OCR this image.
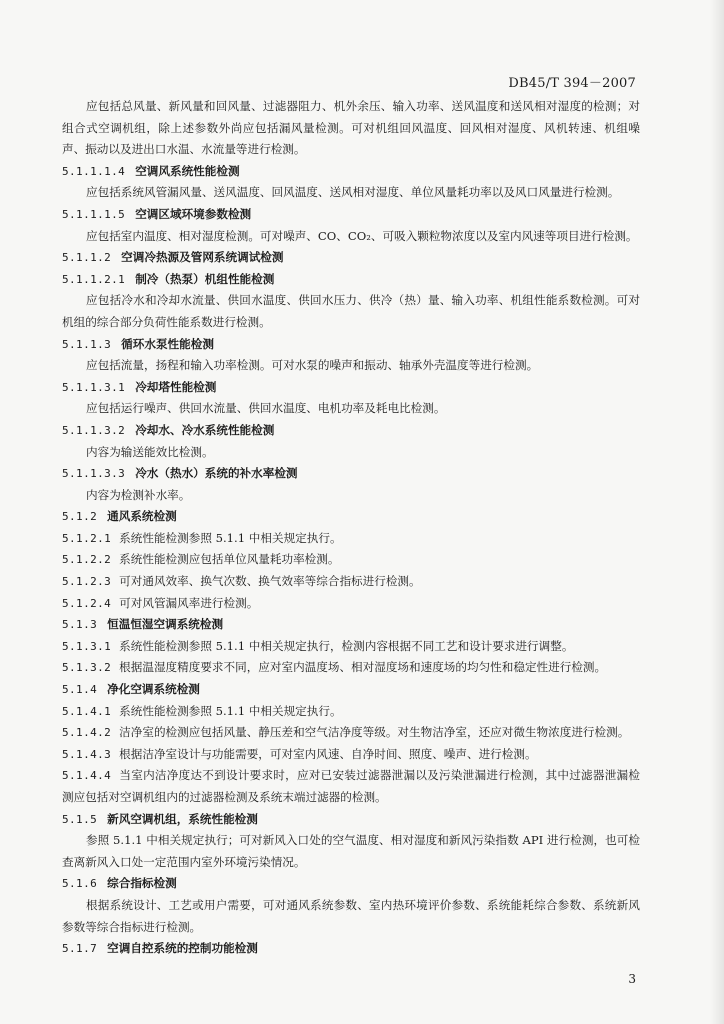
DB45/T 394－2007

应包括总风量、新风量和回风量、过滤器阻力、机外余压、输入功率、送风温度和送风相对湿度的检测；对组合式空调机组，除上述参数外尚应包括漏风量检测。可对机组回风温度、回风相对湿度、风机转速、机组噪声、振动以及进出口水温、水流量等进行检测。

5.1.1.1.4 空调风系统性能检测

应包括系统风管漏风量、送风温度、回风温度、送风相对湿度、单位风量耗功率以及风口风量进行检测。

5.1.1.1.5 空调区域环境参数检测

应包括室内温度、相对湿度检测。可对噪声、CO、CO₂、可吸入颗粒物浓度以及室内风速等项目进行检测。

5.1.1.2 空调冷热源及管网系统调试检测

5.1.1.2.1 制冷（热泵）机组性能检测

应包括冷水和冷却水流量、供回水温度、供回水压力、供冷（热）量、输入功率、机组性能系数检测。可对机组的综合部分负荷性能系数进行检测。

5.1.1.3 循环水泵性能检测

应包括流量，扬程和输入功率检测。可对水泵的噪声和振动、轴承外壳温度等进行检测。

5.1.1.3.1 冷却塔性能检测

应包括运行噪声、供回水流量、供回水温度、电机功率及耗电比检测。

5.1.1.3.2 冷却水、冷水系统性能检测

内容为输送能效比检测。

5.1.1.3.3 冷水（热水）系统的补水率检测

内容为检测补水率。

5.1.2 通风系统检测

5.1.2.1 系统性能检测参照 5.1.1 中相关规定执行。

5.1.2.2 系统性能检测应包括单位风量耗功率检测。

5.1.2.3 可对通风效率、换气次数、换气效率等综合指标进行检测。

5.1.2.4 可对风管漏风率进行检测。

5.1.3 恒温恒湿空调系统检测

5.1.3.1 系统性能检测参照 5.1.1 中相关规定执行，检测内容根据不同工艺和设计要求进行调整。

5.1.3.2 根据温湿度精度要求不同，应对室内温度场、相对湿度场和速度场的均匀性和稳定性进行检测。

5.1.4 净化空调系统检测

5.1.4.1 系统性能检测参照 5.1.1 中相关规定执行。

5.1.4.2 洁净室的检测应包括风量、静压差和空气洁净度等级。对生物洁净室，还应对微生物浓度进行检测。

5.1.4.3 根据洁净室设计与功能需要，可对室内风速、自净时间、照度、噪声、进行检测。

5.1.4.4 当室内洁净度达不到设计要求时，应对已安装过滤器泄漏以及污染泄漏进行检测，其中过滤器泄漏检测应包括对空调机组内的过滤器检测及系统末端过滤器的检测。

5.1.5 新风空调机组，系统性能检测

参照 5.1.1 中相关规定执行；可对新风入口处的空气温度、相对湿度和新风污染指数 API 进行检测，也可检查离新风入口处一定范围内室外环境污染情况。

5.1.6 综合指标检测

根据系统设计、工艺或用户需要，可对通风系统参数、室内热环境评价参数、系统能耗综合参数、系统新风参数等综合指标进行检测。

5.1.7 空调自控系统的控制功能检测

3
